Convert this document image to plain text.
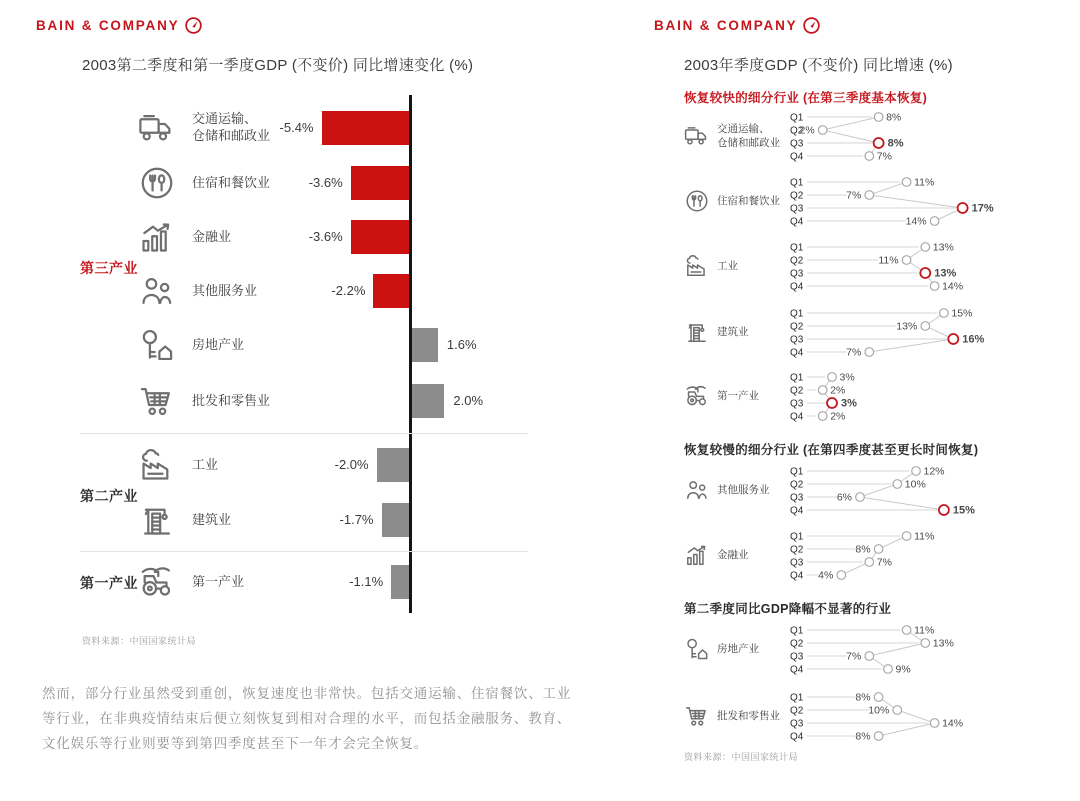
BAIN & COMPANY	BAIN & COMPANY
2003第二季度和第一季度GDP (不变价) 同比增速变化 (%)
第三产业
交通运输、
仓储和邮政业
-5.4%
住宿和餐饮业	-3.6%
金融业	-3.6%
其他服务业	-2.2%
房地产业	1.6%
批发和零售业	2.0%
第二产业
工业	-2.0%
建筑业	-1.7%
第一产业	第一产业	-1.1%
资料来源：中国国家统计局

然而，部分行业虽然受到重创，恢复速度也非常快。包括交通运输、住宿餐饮、工业等行业，在非典疫情结束后便立刻恢复到相对合理的水平，而包括金融服务、教育、文化娱乐等行业则要等到第四季度甚至下一年才会完全恢复。

2003年季度GDP (不变价) 同比增速 (%)
恢复较快的细分行业 (在第三季度基本恢复)
交通运输、
仓储和邮政业
Q1
Q2
Q3
Q4
8%
2%
8%
7%
住宿和餐饮业
Q1
Q2
Q3
Q4
11%
7%
17%
14%
工业
Q1
Q2
Q3
Q4
13%
11%
13%
14%
建筑业
Q1
Q2
Q3
Q4
15%
13%
16%
7%
第一产业
Q1
Q2
Q3
Q4
3%
2%
3%
2%
恢复较慢的细分行业 (在第四季度甚至更长时间恢复)
其他服务业
Q1
Q2
Q3
Q4
12%
10%
6%
15%
金融业
Q1
Q2
Q3
Q4
11%
8%
7%
4%
第二季度同比GDP降幅不显著的行业
房地产业
Q1
Q2
Q3
Q4
11%
13%
7%
9%
批发和零售业
Q1
Q2
Q3
Q4
8%
10%
14%
8%
资料来源：中国国家统计局
